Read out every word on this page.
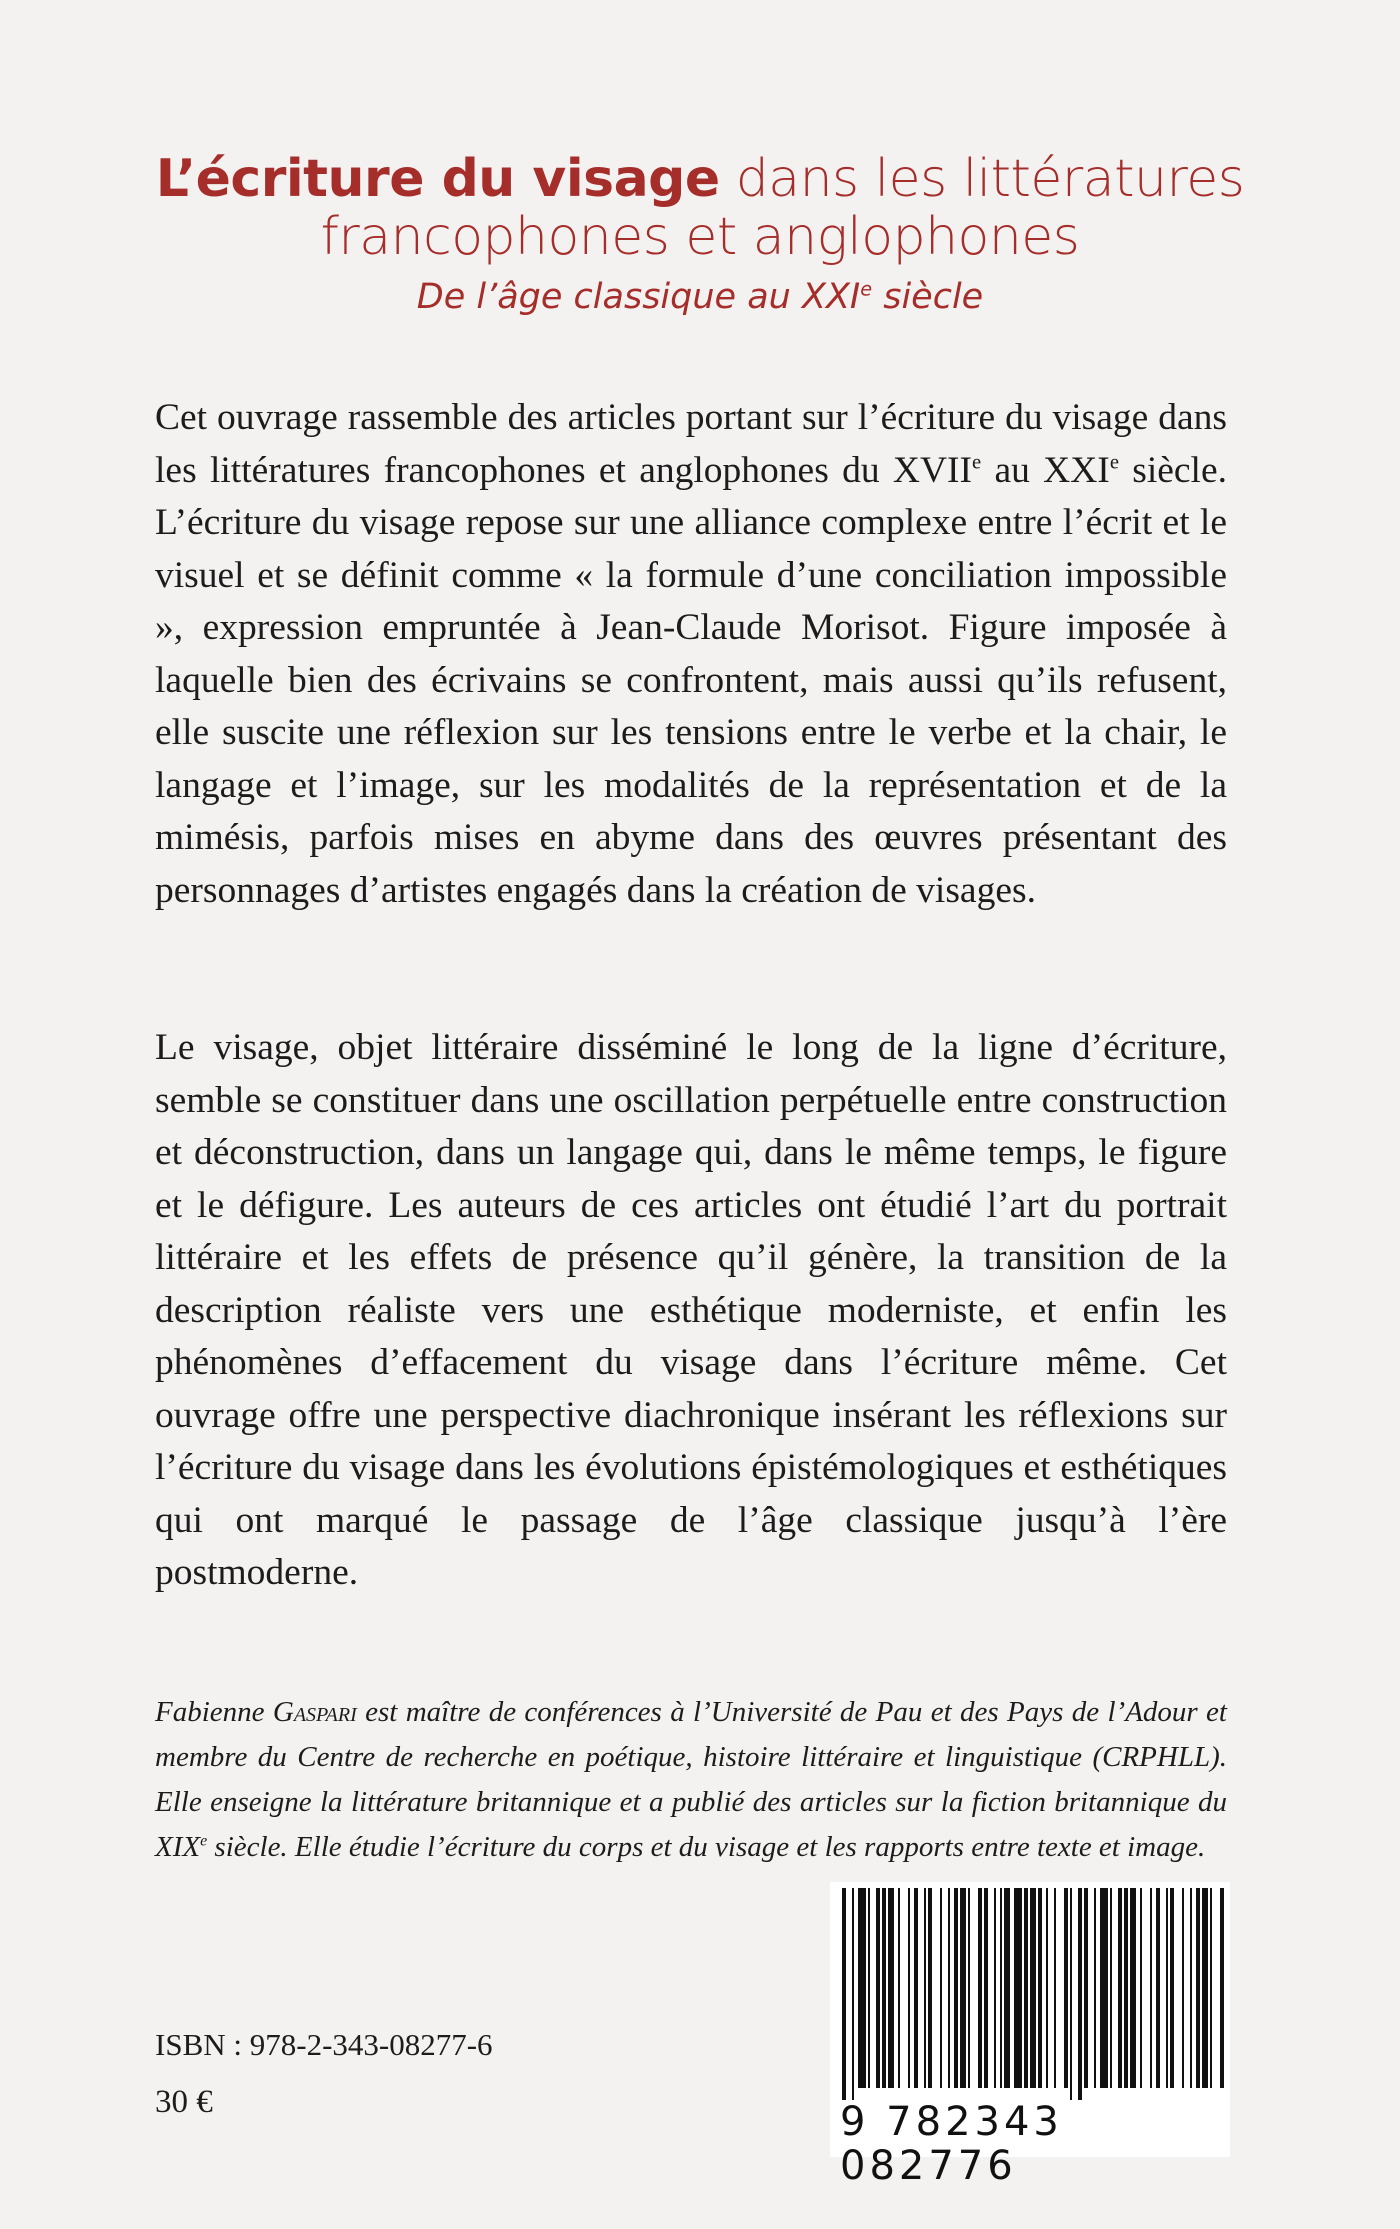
L’écriture du visage dans les littératures
francophones et anglophones
De l’âge classique au XXIe siècle

Cet ouvrage rassemble des articles portant sur l’écriture du visage dans les littératures francophones et anglophones du XVIIe au XXIe siècle. L’écriture du visage repose sur une alliance complexe entre l’écrit et le visuel et se définit comme « la formule d’une conciliation impossible », expression empruntée à Jean-Claude Morisot. Figure imposée à laquelle bien des écrivains se confrontent, mais aussi qu’ils refusent, elle suscite une réflexion sur les tensions entre le verbe et la chair, le langage et l’image, sur les modalités de la représentation et de la mimésis, parfois mises en abyme dans des œuvres présentant des personnages d’artistes engagés dans la création de visages.

Le visage, objet littéraire disséminé le long de la ligne d’écriture, semble se constituer dans une oscillation perpétuelle entre construction et déconstruction, dans un langage qui, dans le même temps, le figure et le défigure. Les auteurs de ces articles ont étudié l’art du portrait littéraire et les effets de présence qu’il génère, la transition de la description réaliste vers une esthétique moderniste, et enfin les phénomènes d’effacement du visage dans l’écriture même. Cet ouvrage offre une perspective diachronique insérant les réflexions sur l’écriture du visage dans les évolutions épistémologiques et esthétiques qui ont marqué le passage de l’âge classique jusqu’à l’ère postmoderne.

Fabienne Gaspari est maître de conférences à l’Université de Pau et des Pays de l’Adour et membre du Centre de recherche en poétique, histoire littéraire et linguistique (CRPHLL). Elle enseigne la littérature britannique et a publié des articles sur la fiction britannique du XIXe siècle. Elle étudie l’écriture du corps et du visage et les rapports entre texte et image.

ISBN : 978-2-343-08277-6
30 €	9 782343 082776
